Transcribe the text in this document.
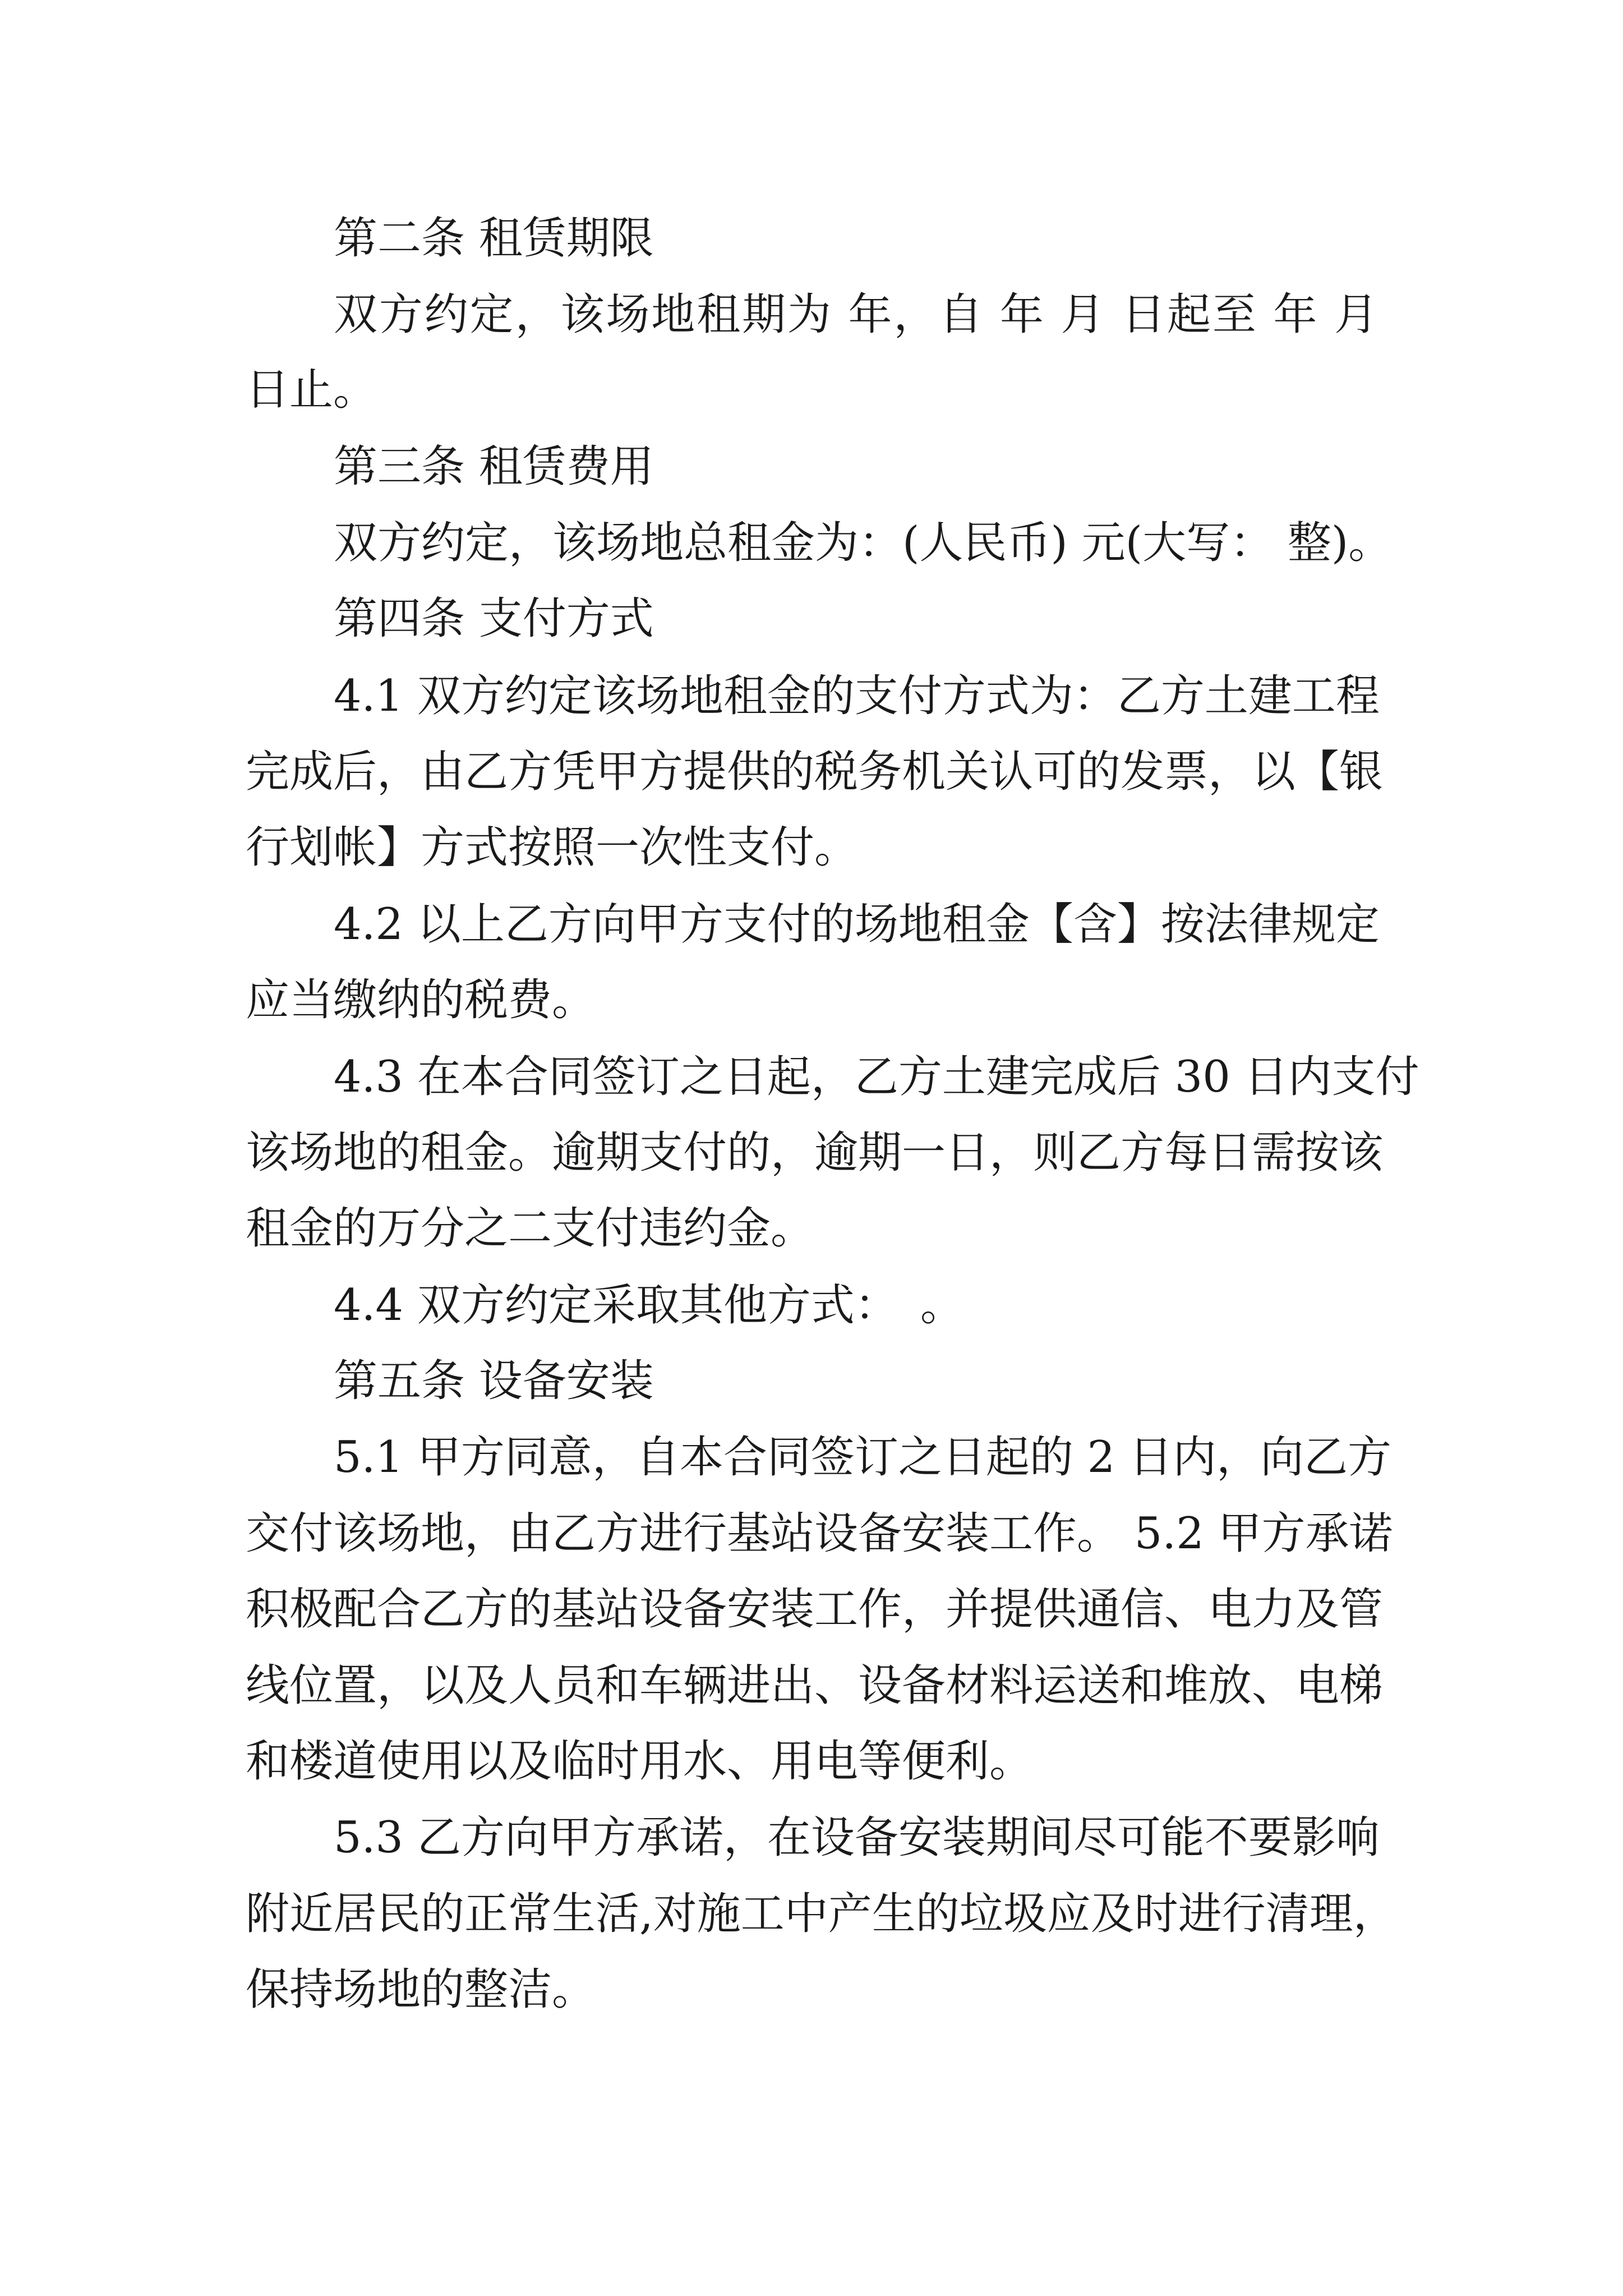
第二条 租赁期限
双方约定，该场地租期为 年，自 年 月 日起至 年 月
日止。
第三条 租赁费用
双方约定，该场地总租金为：(人民币) 元(大写： 整)。
第四条 支付方式
4.1 双方约定该场地租金的支付方式为：乙方土建工程
完成后，由乙方凭甲方提供的税务机关认可的发票，以【银
行划帐】方式按照一次性支付。
4.2 以上乙方向甲方支付的场地租金【含】按法律规定
应当缴纳的税费。
4.3 在本合同签订之日起，乙方土建完成后 30 日内支付
该场地的租金。逾期支付的，逾期一日，则乙方每日需按该
租金的万分之二支付违约金。
4.4 双方约定采取其他方式：　。
第五条 设备安装
5.1 甲方同意，自本合同签订之日起的 2 日内，向乙方
交付该场地，由乙方进行基站设备安装工作。 5.2 甲方承诺
积极配合乙方的基站设备安装工作，并提供通信、电力及管
线位置，以及人员和车辆进出、设备材料运送和堆放、电梯
和楼道使用以及临时用水、用电等便利。
5.3 乙方向甲方承诺，在设备安装期间尽可能不要影响
附近居民的正常生活,对施工中产生的垃圾应及时进行清理，
保持场地的整洁。
